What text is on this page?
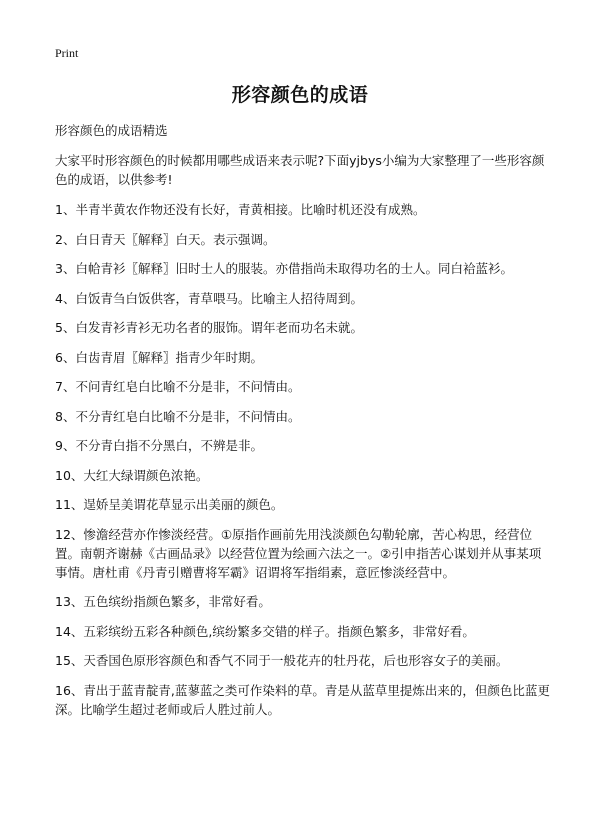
Print
形容颜色的成语
形容颜色的成语精选

大家平时形容颜色的时候都用哪些成语来表示呢?下面yjbys小编为大家整理了一些形容颜色的成语，以供参考!

1、半青半黄农作物还没有长好，青黄相接。比喻时机还没有成熟。

2、白日青天〖解释〗白天。表示强调。

3、白帢青衫〖解释〗旧时士人的服装。亦借指尚未取得功名的士人。同白袷蓝衫。

4、白饭青刍白饭供客，青草喂马。比喻主人招待周到。

5、白发青衫青衫无功名者的服饰。谓年老而功名未就。

6、白齿青眉〖解释〗指青少年时期。

7、不问青红皂白比喻不分是非，不问情由。

8、不分青红皂白比喻不分是非，不问情由。

9、不分青白指不分黑白，不辨是非。

10、大红大绿谓颜色浓艳。

11、逞娇呈美谓花草显示出美丽的颜色。

12、惨澹经营亦作惨淡经营。①原指作画前先用浅淡颜色勾勒轮廓，苦心构思，经营位置。南朝齐谢赫《古画品录》以经营位置为绘画六法之一。②引申指苦心谋划并从事某项事情。唐杜甫《丹青引赠曹将军霸》诏谓将军指绢素，意匠惨淡经营中。

13、五色缤纷指颜色繁多，非常好看。

14、五彩缤纷五彩各种颜色,缤纷繁多交错的样子。指颜色繁多，非常好看。

15、天香国色原形容颜色和香气不同于一般花卉的牡丹花，后也形容女子的美丽。

16、青出于蓝青靛青,蓝蓼蓝之类可作染料的草。青是从蓝草里提炼出来的，但颜色比蓝更深。比喻学生超过老师或后人胜过前人。
